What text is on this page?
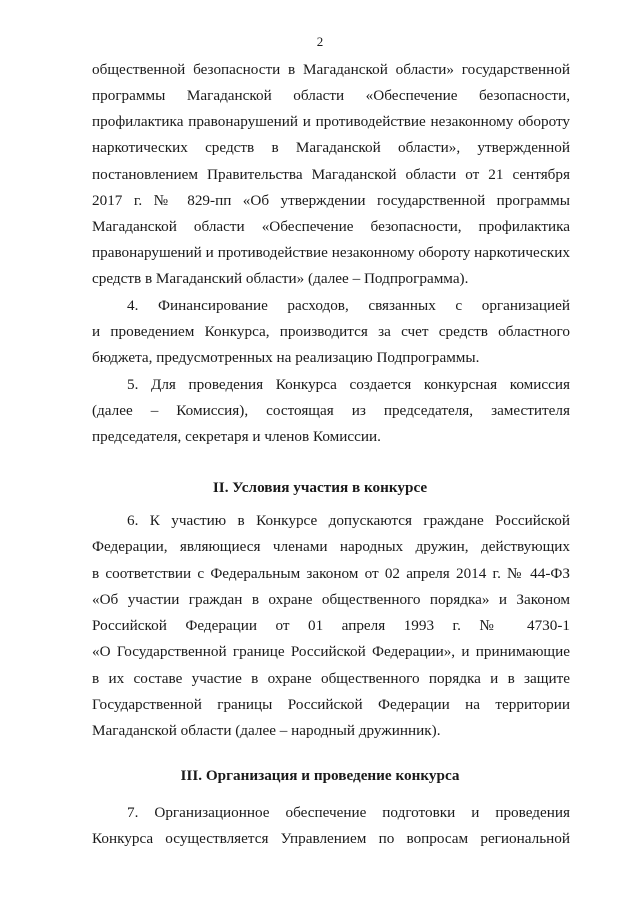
2
общественной безопасности в Магаданской области» государственной
программы Магаданской области «Обеспечение безопасности,
профилактика правонарушений и противодействие незаконному обороту
наркотических средств в Магаданской области», утвержденной
постановлением Правительства Магаданской области от 21 сентября
2017 г. № 829-пп «Об утверждении государственной программы
Магаданской области «Обеспечение безопасности, профилактика
правонарушений и противодействие незаконному обороту наркотических
средств в Магаданский области» (далее – Подпрограмма).
4. Финансирование расходов, связанных с организацией
и проведением Конкурса, производится за счет средств областного
бюджета, предусмотренных на реализацию Подпрограммы.
5. Для проведения Конкурса создается конкурсная комиссия
(далее – Комиссия), состоящая из председателя, заместителя
председателя, секретаря и членов Комиссии.
II. Условия участия в конкурсе
6. К участию в Конкурсе допускаются граждане Российской
Федерации, являющиеся членами народных дружин, действующих
в соответствии с Федеральным законом от 02 апреля 2014 г. № 44-ФЗ
«Об участии граждан в охране общественного порядка» и Законом
Российской Федерации от 01 апреля 1993 г. № 4730-1
«О Государственной границе Российской Федерации», и принимающие
в их составе участие в охране общественного порядка и в защите
Государственной границы Российской Федерации на территории
Магаданской области (далее – народный дружинник).
III. Организация и проведение конкурса
7. Организационное обеспечение подготовки и проведения
Конкурса осуществляется Управлением по вопросам региональной
